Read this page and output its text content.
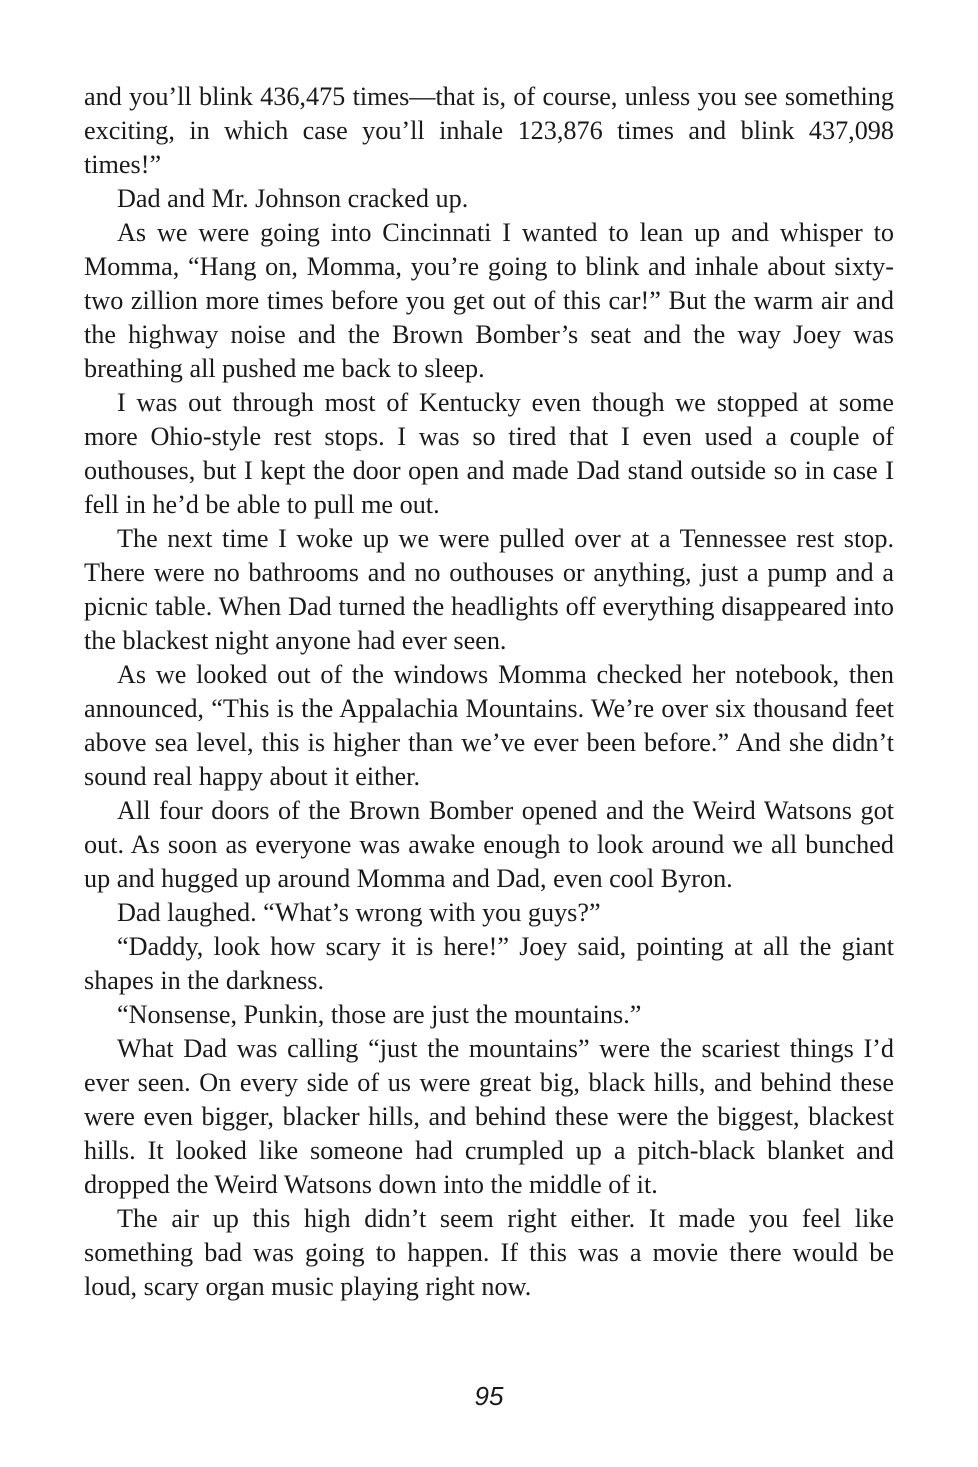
and you’ll blink 436,475 times—that is, of course, unless you see something exciting, in which case you’ll inhale 123,876 times and blink 437,098 times!”

Dad and Mr. Johnson cracked up.

As we were going into Cincinnati I wanted to lean up and whisper to Momma, “Hang on, Momma, you’re going to blink and inhale about sixty-two zillion more times before you get out of this car!” But the warm air and the highway noise and the Brown Bomber’s seat and the way Joey was breathing all pushed me back to sleep.

I was out through most of Kentucky even though we stopped at some more Ohio-style rest stops. I was so tired that I even used a couple of outhouses, but I kept the door open and made Dad stand outside so in case I fell in he’d be able to pull me out.

The next time I woke up we were pulled over at a Tennessee rest stop. There were no bathrooms and no outhouses or anything, just a pump and a picnic table. When Dad turned the headlights off everything disappeared into the blackest night anyone had ever seen.

As we looked out of the windows Momma checked her notebook, then announced, “This is the Appalachia Mountains. We’re over six thousand feet above sea level, this is higher than we’ve ever been before.” And she didn’t sound real happy about it either.

All four doors of the Brown Bomber opened and the Weird Watsons got out. As soon as everyone was awake enough to look around we all bunched up and hugged up around Momma and Dad, even cool Byron.

Dad laughed. “What’s wrong with you guys?”

“Daddy, look how scary it is here!” Joey said, pointing at all the giant shapes in the darkness.

“Nonsense, Punkin, those are just the mountains.”

What Dad was calling “just the mountains” were the scariest things I’d ever seen. On every side of us were great big, black hills, and behind these were even bigger, blacker hills, and behind these were the biggest, blackest hills. It looked like someone had crumpled up a pitch-black blanket and dropped the Weird Watsons down into the middle of it.

The air up this high didn’t seem right either. It made you feel like something bad was going to happen. If this was a movie there would be loud, scary organ music playing right now.

95
